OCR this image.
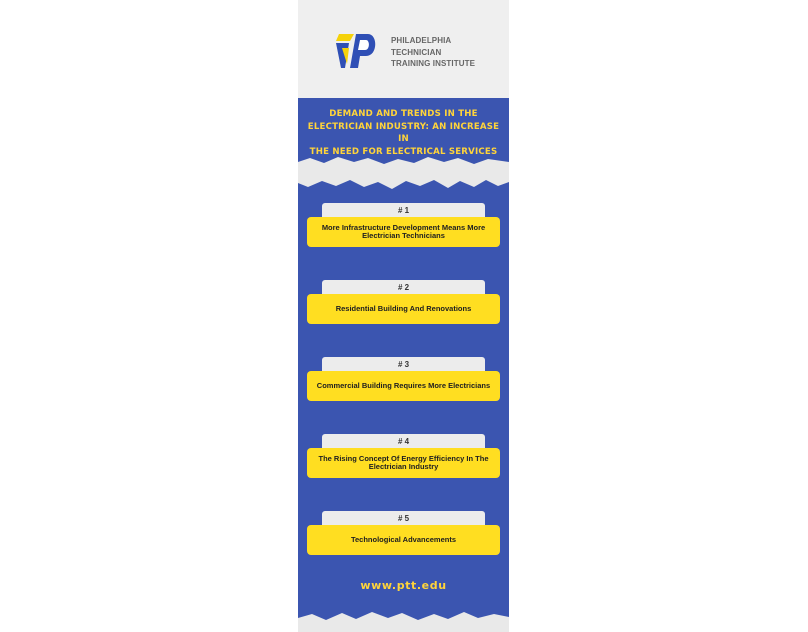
PHILADELPHIA
TECHNICIAN
TRAINING INSTITUTE
DEMAND AND TRENDS IN THE
ELECTRICIAN INDUSTRY: AN INCREASE IN
THE NEED FOR ELECTRICAL SERVICES
# 1
More Infrastructure Development Means More Electrician Technicians
# 2
Residential Building And Renovations
# 3
Commercial Building Requires More Electricians
# 4
The Rising Concept Of Energy Efficiency In The Electrician Industry
# 5
Technological Advancements
www.ptt.edu
